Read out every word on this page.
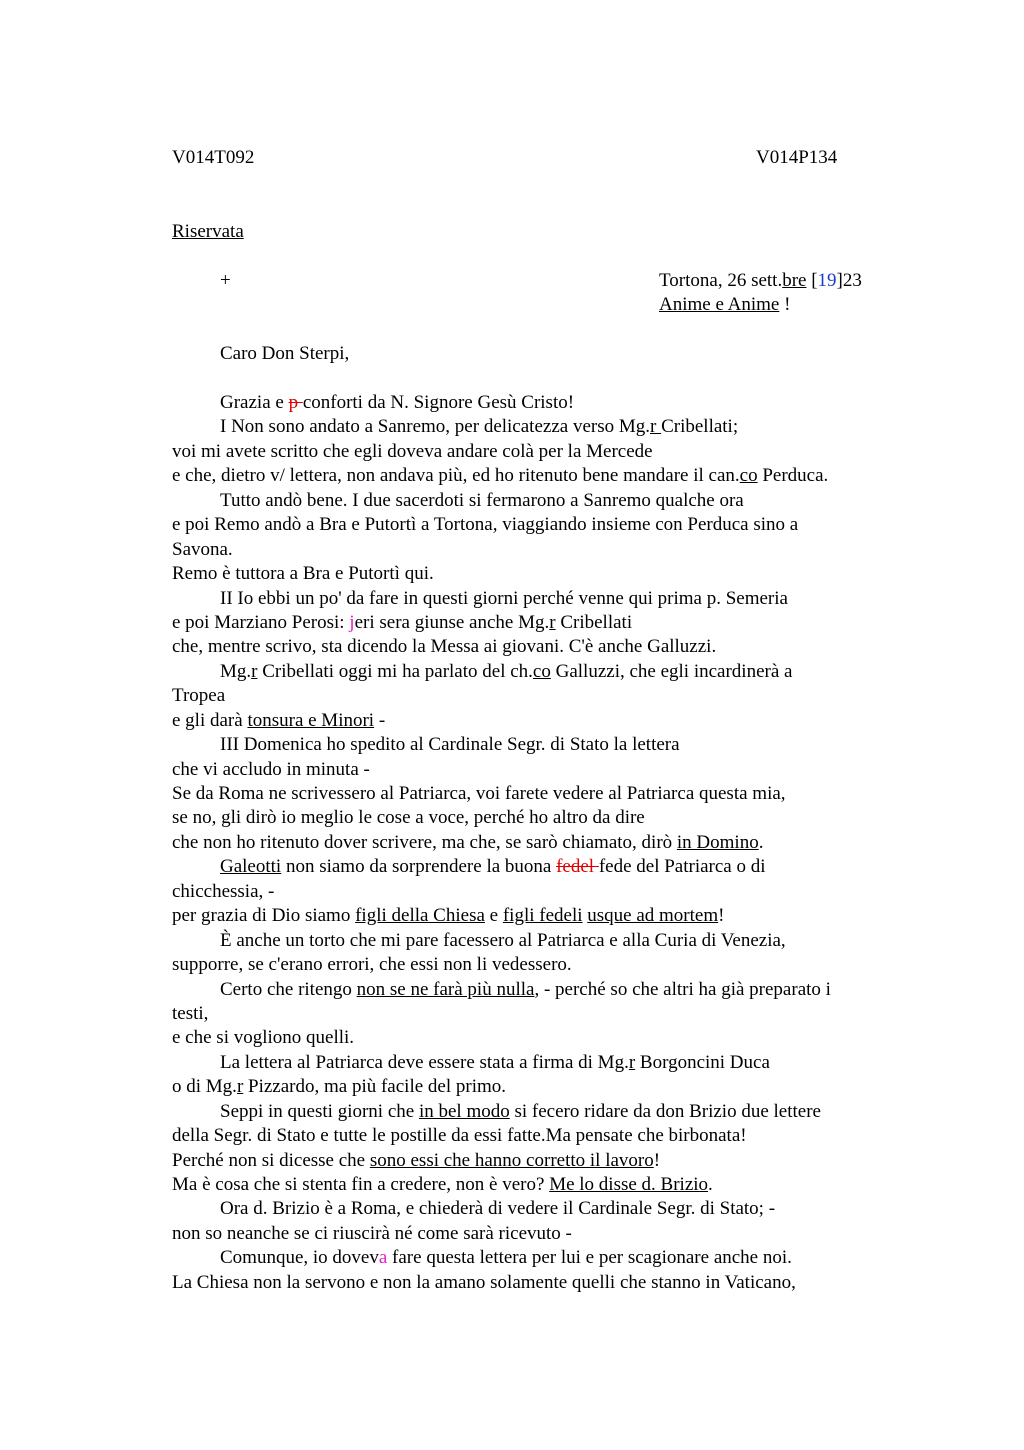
V014T092	V014P134
Riservata
+	Tortona, 26 sett.bre [19]23
Anime e Anime !
Caro Don Sterpi,
Grazia e p conforti da N. Signore Gesù Cristo!
I Non sono andato a Sanremo, per delicatezza verso Mg.r Cribellati;
voi mi avete scritto che egli doveva andare colà per la Mercede
e che, dietro v/ lettera, non andava più, ed ho ritenuto bene mandare il can.co Perduca.
Tutto andò bene. I due sacerdoti si fermarono a Sanremo qualche ora
e poi Remo andò a Bra e Putortì a Tortona, viaggiando insieme con Perduca sino a
Savona.
Remo è tuttora a Bra e Putortì qui.
II Io ebbi un po' da fare in questi giorni perché venne qui prima p. Semeria
e poi Marziano Perosi: jeri sera giunse anche Mg.r Cribellati
che, mentre scrivo, sta dicendo la Messa ai giovani. C'è anche Galluzzi.
Mg.r Cribellati oggi mi ha parlato del ch.co Galluzzi, che egli incardinerà a
Tropea
e gli darà tonsura e Minori -
III Domenica ho spedito al Cardinale Segr. di Stato la lettera
che vi accludo in minuta -
Se da Roma ne scrivessero al Patriarca, voi farete vedere al Patriarca questa mia,
se no, gli dirò io meglio le cose a voce, perché ho altro da dire
che non ho ritenuto dover scrivere, ma che, se sarò chiamato, dirò in Domino.
Galeotti non siamo da sorprendere la buona fedel fede del Patriarca o di
chicchessia, -
per grazia di Dio siamo figli della Chiesa e figli fedeli usque ad mortem!
È anche un torto che mi pare facessero al Patriarca e alla Curia di Venezia,
supporre, se c'erano errori, che essi non li vedessero.
Certo che ritengo non se ne farà più nulla, - perché so che altri ha già preparato i
testi,
e che si vogliono quelli.
La lettera al Patriarca deve essere stata a firma di Mg.r Borgoncini Duca
o di Mg.r Pizzardo, ma più facile del primo.
Seppi in questi giorni che in bel modo si fecero ridare da don Brizio due lettere
della Segr. di Stato e tutte le postille da essi fatte.Ma pensate che birbonata!
Perché non si dicesse che sono essi che hanno corretto il lavoro!
Ma è cosa che si stenta fin a credere, non è vero? Me lo disse d. Brizio.
Ora d. Brizio è a Roma, e chiederà di vedere il Cardinale Segr. di Stato; -
non so neanche se ci riuscirà né come sarà ricevuto -
Comunque, io doveva fare questa lettera per lui e per scagionare anche noi.
La Chiesa non la servono e non la amano solamente quelli che stanno in Vaticano,
